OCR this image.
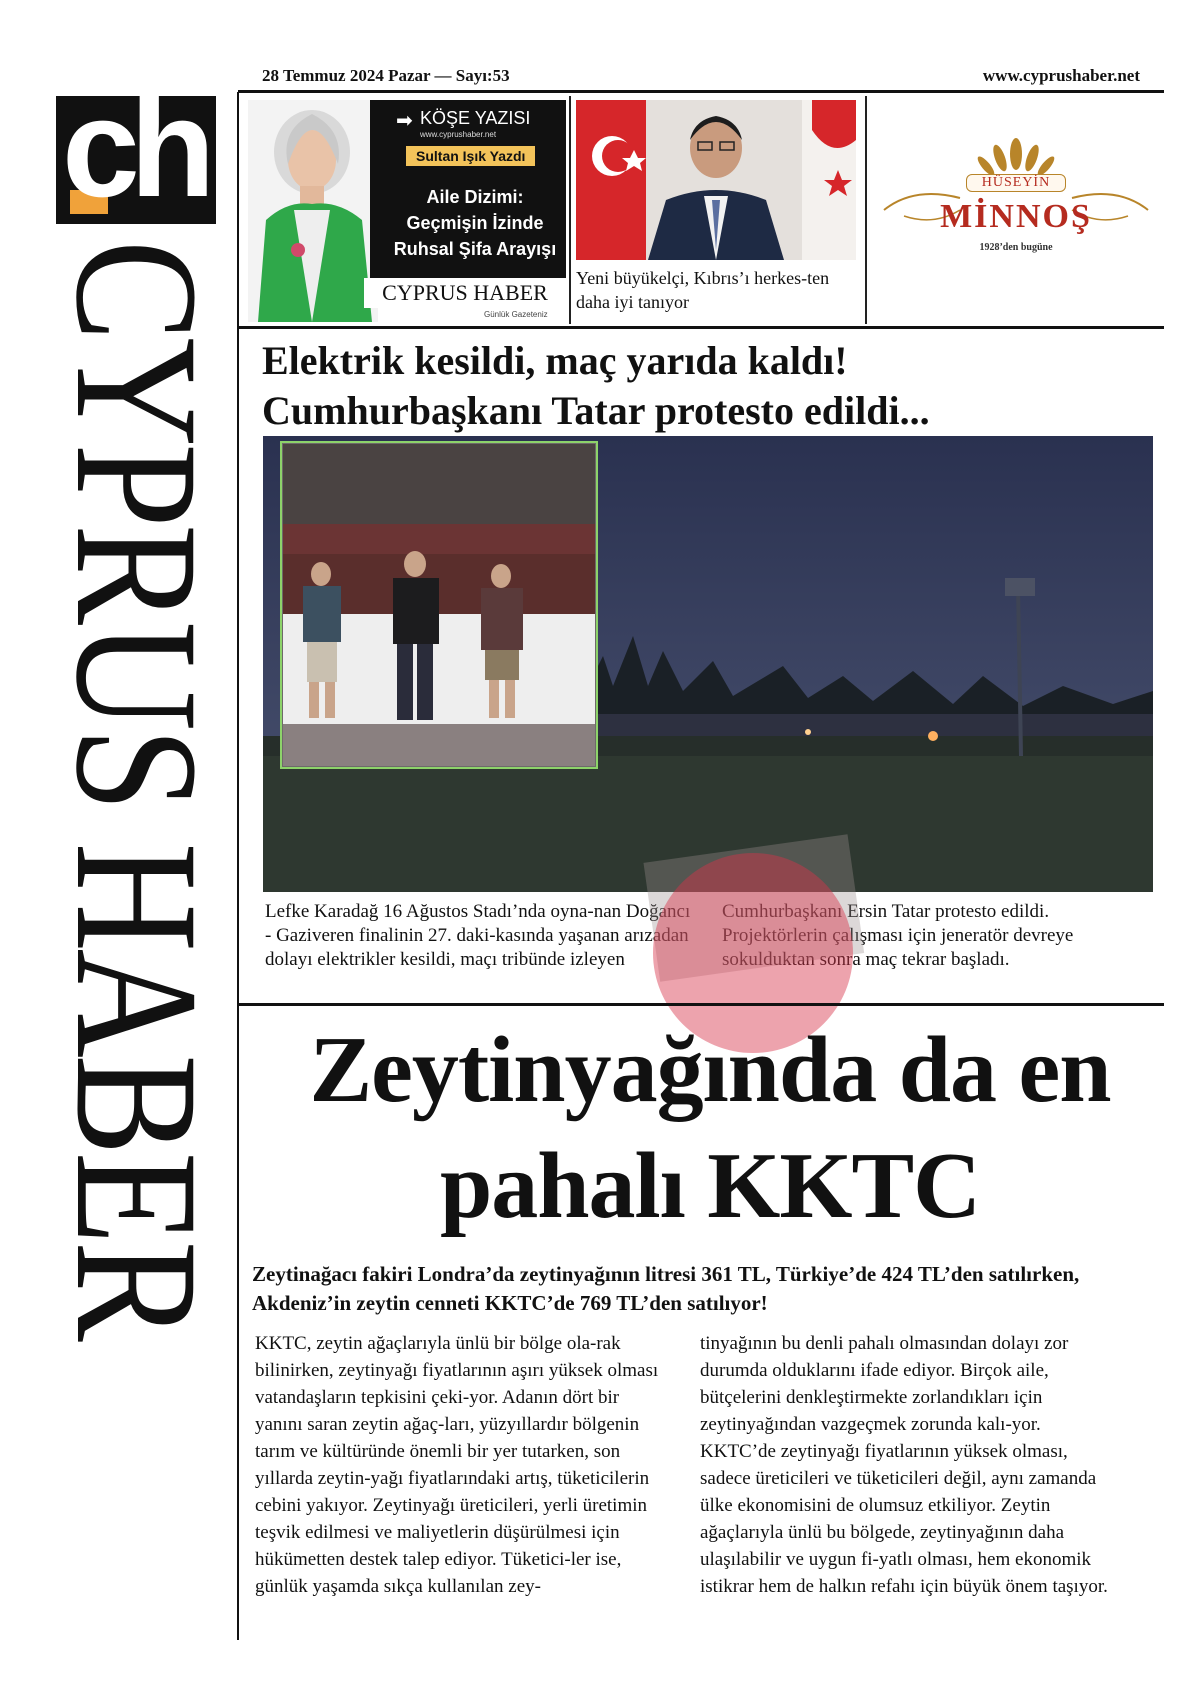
ch
CYPRUS HABER
28 Temmuz 2024 Pazar — Sayı:53	www.cyprushaber.net
➡ KÖŞE YAZISI
www.cyprushaber.net
Sultan Işık Yazdı
Aile Dizimi:
Geçmişin İzinde
Ruhsal Şifa Arayışı
CYPRUS HABER
Günlük Gazeteniz
Yeni büyükelçi, Kıbrıs’ı herkes-ten daha iyi tanıyor
HÜSEYİN
MİNNOŞ
1928’den bugüne
Elektrik kesildi, maç yarıda kaldı!
Cumhurbaşkanı Tatar protesto edildi...
Lefke Karadağ 16 Ağustos Stadı’nda oyna-nan Doğancı - Gaziveren finalinin 27. daki-kasında yaşanan arızadan dolayı elektrikler kesildi, maçı tribünde izleyen
Cumhurbaşkanı Ersin Tatar protesto edildi. Projektörlerin çalışması için jeneratör devreye sokulduktan sonra maç tekrar başladı.
Zeytinyağında da en
pahalı KKTC
Zeytinağacı fakiri Londra’da zeytinyağının litresi 361 TL, Türkiye’de 424 TL’den satılırken, Akdeniz’in zeytin cenneti KKTC’de 769 TL’den satılıyor!
KKTC, zeytin ağaçlarıyla ünlü bir bölge ola-rak bilinirken, zeytinyağı fiyatlarının aşırı yüksek olması vatandaşların tepkisini çeki-yor. Adanın dört bir yanını saran zeytin ağaç-ları, yüzyıllardır bölgenin tarım ve kültüründe önemli bir yer tutarken, son yıllarda zeytin-yağı fiyatlarındaki artış, tüketicilerin cebini yakıyor. Zeytinyağı üreticileri, yerli üretimin teşvik edilmesi ve maliyetlerin düşürülmesi için hükümetten destek talep ediyor. Tüketici-ler ise, günlük yaşamda sıkça kullanılan zey-
tinyağının bu denli pahalı olmasından dolayı zor durumda olduklarını ifade ediyor. Birçok aile, bütçelerini denkleştirmekte zorlandıkları için zeytinyağından vazgeçmek zorunda kalı-yor. KKTC’de zeytinyağı fiyatlarının yüksek olması, sadece üreticileri ve tüketicileri değil, aynı zamanda ülke ekonomisini de olumsuz etkiliyor. Zeytin ağaçlarıyla ünlü bu bölgede, zeytinyağının daha ulaşılabilir ve uygun fi-yatlı olması, hem ekonomik istikrar hem de halkın refahı için büyük önem taşıyor.
